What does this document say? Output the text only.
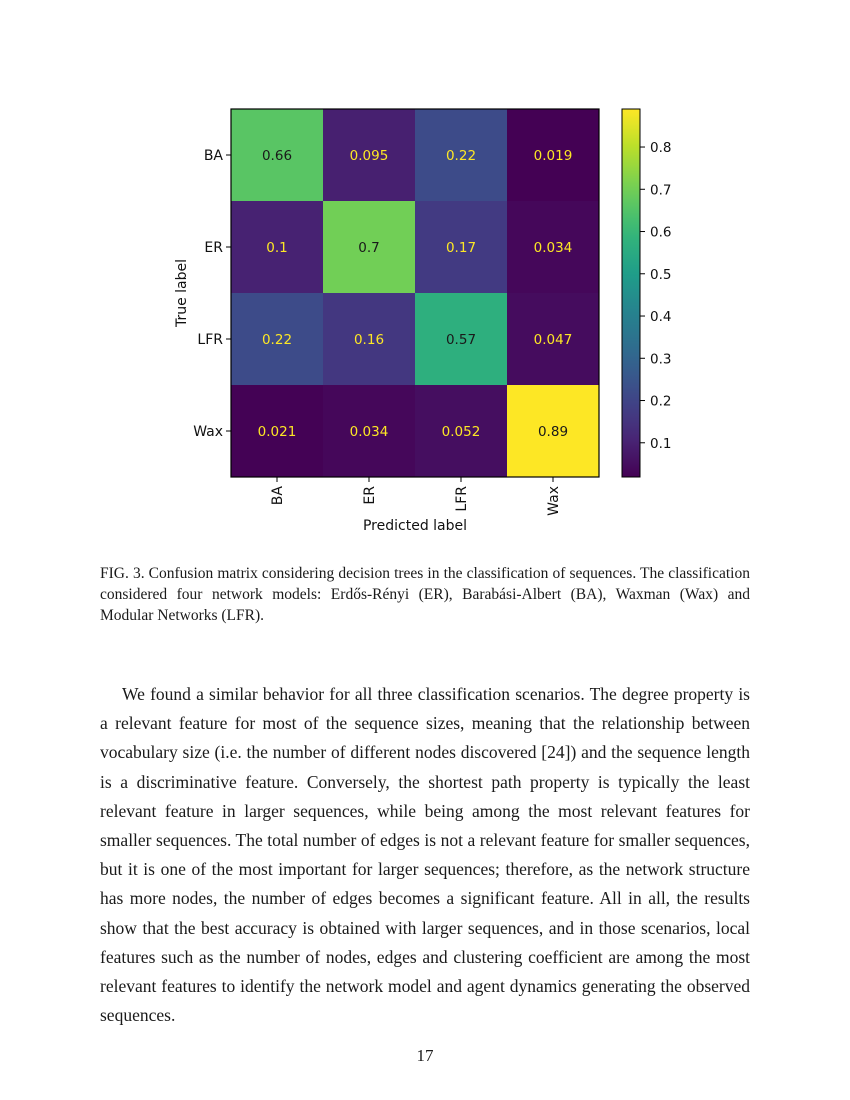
0.66	0.095	0.22	0.019
0.1	0.7	0.17	0.034
0.22	0.16	0.57	0.047
0.021	0.034	0.052	0.89
BA
ER
LFR
Wax
BA	ER	LFR	Wax
Predicted label
True label
0.1
0.2
0.3
0.4
0.5
0.6
0.7
0.8
FIG. 3. Confusion matrix considering decision trees in the classification of sequences. The classification considered four network models: Erdős-Rényi (ER), Barabási-Albert (BA), Waxman (Wax) and Modular Networks (LFR).
We found a similar behavior for all three classification scenarios. The degree property is a relevant feature for most of the sequence sizes, meaning that the relationship between vocabulary size (i.e. the number of different nodes discovered [24]) and the sequence length is a discriminative feature. Conversely, the shortest path property is typically the least relevant feature in larger sequences, while being among the most relevant features for smaller sequences. The total number of edges is not a relevant feature for smaller sequences, but it is one of the most important for larger sequences; therefore, as the network structure has more nodes, the number of edges becomes a significant feature. All in all, the results show that the best accuracy is obtained with larger sequences, and in those scenarios, local features such as the number of nodes, edges and clustering coefficient are among the most relevant features to identify the network model and agent dynamics generating the observed sequences.
17
